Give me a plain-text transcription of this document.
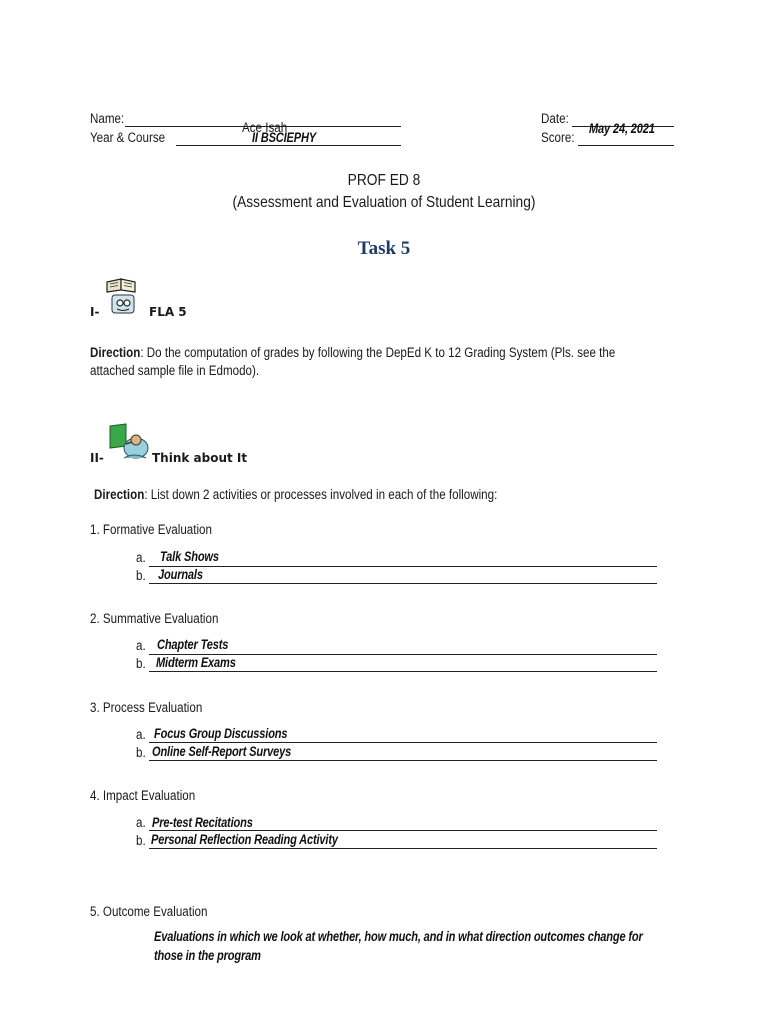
Name:
Ace Isah
Year & Course	II BSCIEPHY
Date:
May 24, 2021
Score:
PROF ED 8
(Assessment and Evaluation of Student Learning)
Task 5
I-	FLA 5
Direction: Do the computation of grades by following the DepEd K to 12 Grading System (Pls. see the
attached sample file in Edmodo).
II-	Think about It
Direction: List down 2 activities or processes involved in each of the following:
1. Formative Evaluation
a. Talk Shows
b. Journals
2. Summative Evaluation
a. Chapter Tests
b. Midterm Exams
3. Process Evaluation
a. Focus Group Discussions
b. Online Self-Report Surveys
4. Impact Evaluation
a. Pre-test Recitations
b. Personal Reflection Reading Activity
5. Outcome Evaluation
Evaluations in which we look at whether, how much, and in what direction outcomes change for
those in the program
